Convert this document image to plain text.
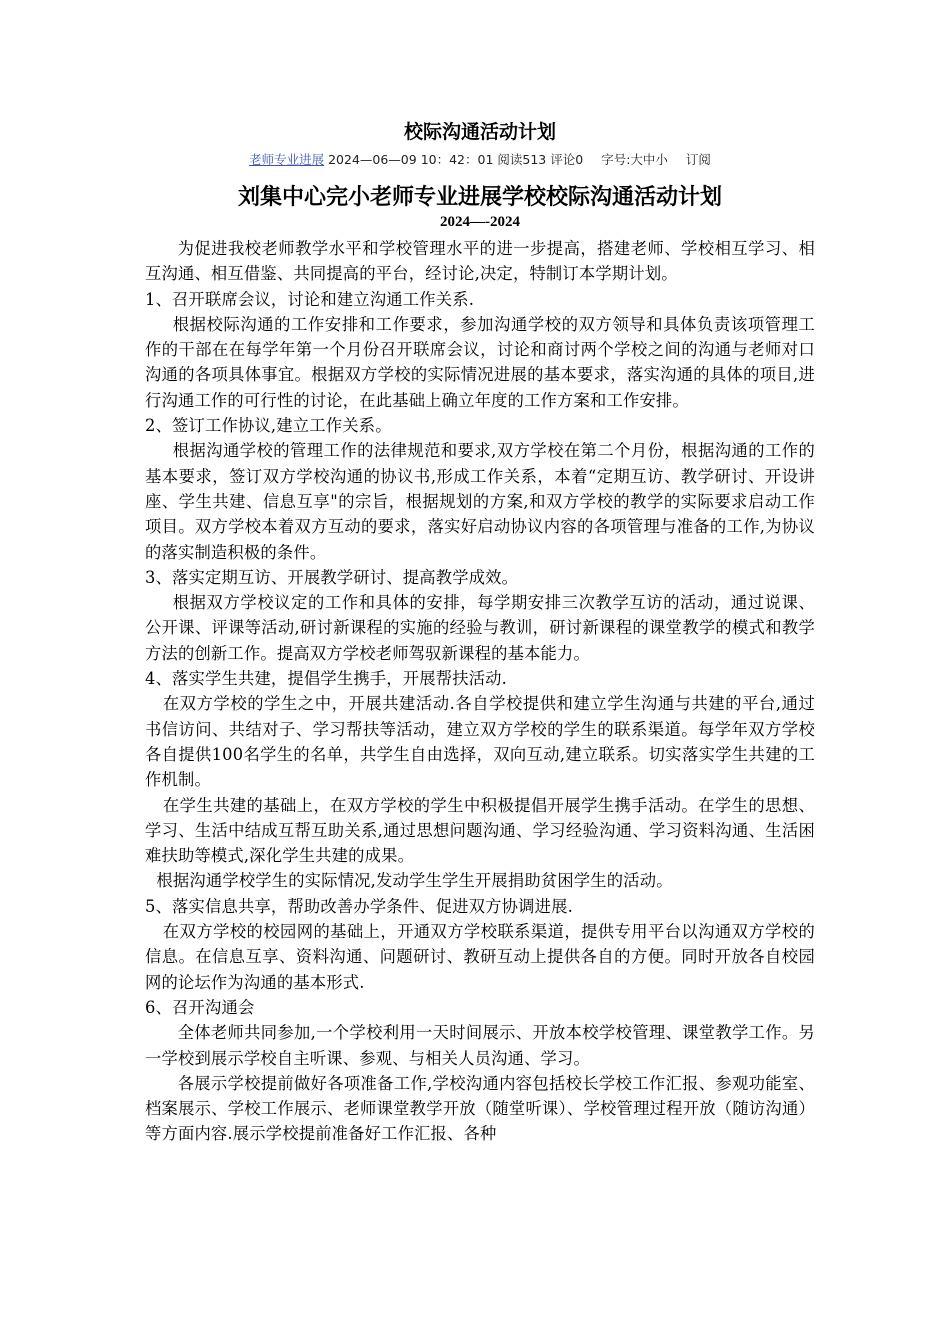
校际沟通活动计划
老师专业进展 2024—06—09 10：42：01 阅读513 评论0 字号:大中小 订阅
刘集中心完小老师专业进展学校校际沟通活动计划
2024—-2024

为促进我校老师教学水平和学校管理水平的进一步提高，搭建老师、学校相互学习、相互沟通、相互借鉴、共同提高的平台，经讨论,决定，特制订本学期计划。

1、召开联席会议，讨论和建立沟通工作关系.

根据校际沟通的工作安排和工作要求，参加沟通学校的双方领导和具体负责该项管理工作的干部在在每学年第一个月份召开联席会议，讨论和商讨两个学校之间的沟通与老师对口沟通的各项具体事宜。根据双方学校的实际情况进展的基本要求，落实沟通的具体的项目,进行沟通工作的可行性的讨论，在此基础上确立年度的工作方案和工作安排。

2、签订工作协议,建立工作关系。

根据沟通学校的管理工作的法律规范和要求,双方学校在第二个月份，根据沟通的工作的基本要求，签订双方学校沟通的协议书,形成工作关系，本着“定期互访、教学研讨、开设讲座、学生共建、信息互享"的宗旨，根据规划的方案,和双方学校的教学的实际要求启动工作项目。双方学校本着双方互动的要求，落实好启动协议内容的各项管理与准备的工作,为协议的落实制造积极的条件。

3、落实定期互访、开展教学研讨、提高教学成效。

根据双方学校议定的工作和具体的安排，每学期安排三次教学互访的活动，通过说课、公开课、评课等活动,研讨新课程的实施的经验与教训，研讨新课程的课堂教学的模式和教学方法的创新工作。提高双方学校老师驾驭新课程的基本能力。

4、落实学生共建，提倡学生携手，开展帮扶活动.

在双方学校的学生之中，开展共建活动.各自学校提供和建立学生沟通与共建的平台,通过书信访问、共结对子、学习帮扶等活动，建立双方学校的学生的联系渠道。每学年双方学校各自提供100名学生的名单，共学生自由选择，双向互动,建立联系。切实落实学生共建的工作机制。

在学生共建的基础上，在双方学校的学生中积极提倡开展学生携手活动。在学生的思想、学习、生活中结成互帮互助关系,通过思想问题沟通、学习经验沟通、学习资料沟通、生活困难扶助等模式,深化学生共建的成果。

根据沟通学校学生的实际情况,发动学生学生开展捐助贫困学生的活动。

5、落实信息共享，帮助改善办学条件、促进双方协调进展.

在双方学校的校园网的基础上，开通双方学校联系渠道，提供专用平台以沟通双方学校的信息。在信息互享、资料沟通、问题研讨、教研互动上提供各自的方便。同时开放各自校园网的论坛作为沟通的基本形式.

6、召开沟通会

全体老师共同参加,一个学校利用一天时间展示、开放本校学校管理、课堂教学工作。另一学校到展示学校自主听课、参观、与相关人员沟通、学习。

各展示学校提前做好各项准备工作,学校沟通内容包括校长学校工作汇报、参观功能室、档案展示、学校工作展示、老师课堂教学开放（随堂听课）、学校管理过程开放（随访沟通）等方面内容.展示学校提前准备好工作汇报、各种
